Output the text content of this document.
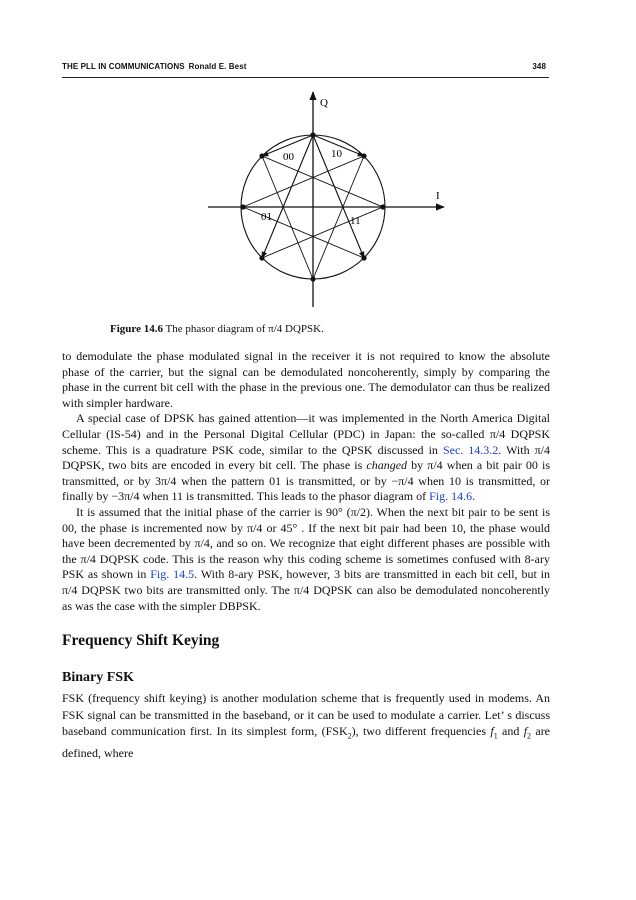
THE PLL IN COMMUNICATIONS Ronald E. Best	348
Q
I
00	10
01	11
Figure 14.6 The phasor diagram of π/4 DQPSK.

to demodulate the phase modulated signal in the receiver it is not required to know the absolute phase of the carrier, but the signal can be demodulated noncoherently, simply by comparing the phase in the current bit cell with the phase in the previous one. The demodulator can thus be realized with simpler hardware.

A special case of DPSK has gained attention—it was implemented in the North America Digital Cellular (IS-54) and in the Personal Digital Cellular (PDC) in Japan: the so-called π/4 DQPSK scheme. This is a quadrature PSK code, similar to the QPSK discussed in Sec. 14.3.2. With π/4 DQPSK, two bits are encoded in every bit cell. The phase is changed by π/4 when a bit pair 00 is transmitted, or by 3π/4 when the pattern 01 is transmitted, or by −π/4 when 10 is transmitted, or finally by −3π/4 when 11 is transmitted. This leads to the phasor diagram of Fig. 14.6.

It is assumed that the initial phase of the carrier is 90° (π/2). When the next bit pair to be sent is 00, the phase is incremented now by π/4 or 45° . If the next bit pair had been 10, the phase would have been decremented by π/4, and so on. We recognize that eight different phases are possible with the π/4 DQPSK code. This is the reason why this coding scheme is sometimes confused with 8-ary PSK as shown in Fig. 14.5. With 8-ary PSK, however, 3 bits are transmitted in each bit cell, but in π/4 DQPSK two bits are transmitted only. The π/4 DQPSK can also be demodulated noncoherently as was the case with the simpler DBPSK.

Frequency Shift Keying
Binary FSK

FSK (frequency shift keying) is another modulation scheme that is frequently used in modems. An FSK signal can be transmitted in the baseband, or it can be used to modulate a carrier. Let’ s discuss baseband communication first. In its simplest form, $(FSK_2)$, two different frequencies $f_1$ and $f_2$ are defined, where
